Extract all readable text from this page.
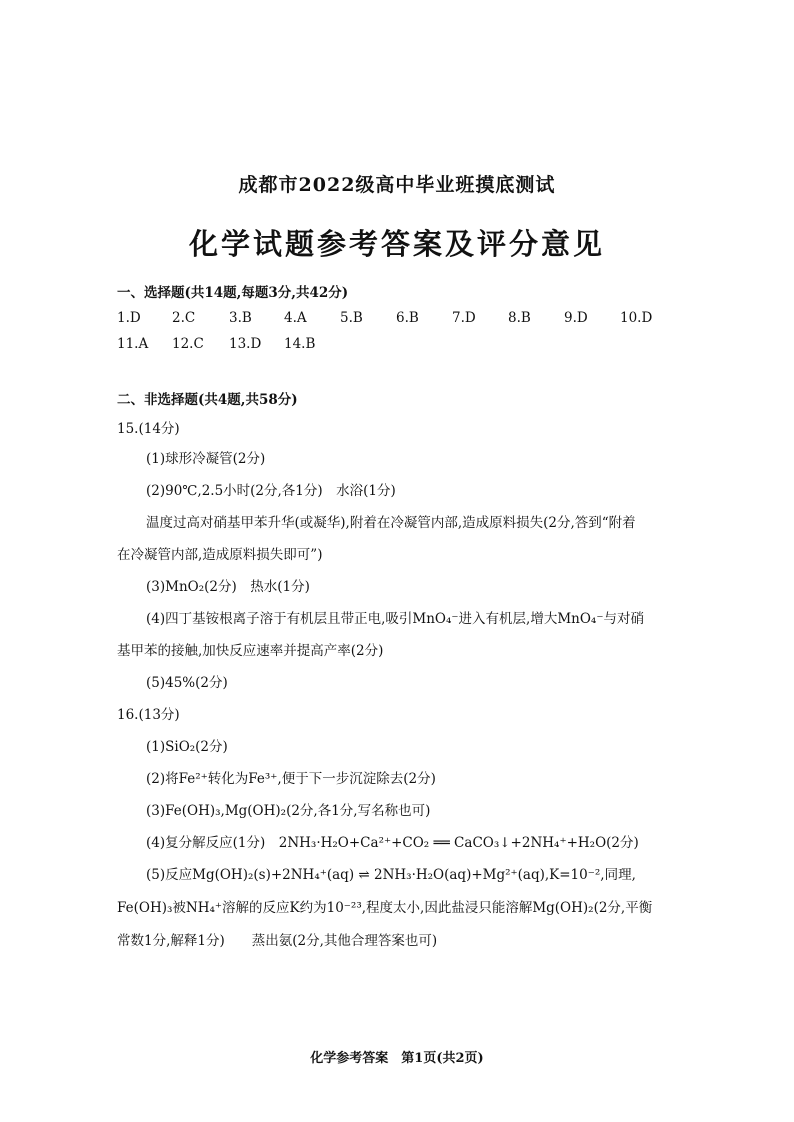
成都市2022级高中毕业班摸底测试
化学试题参考答案及评分意见
一、选择题(共14题,每题3分,共42分)
1.D 2.C	3.B 4.A 5.B 6.B 7.D 8.B 9.D 10.D
11.A 12.C 13.D 14.B
二、非选择题(共4题,共58分)
15.(14分)
(1)球形冷凝管(2分)
(2)90℃,2.5小时(2分,各1分)　水浴(1分)
温度过高对硝基甲苯升华(或凝华),附着在冷凝管内部,造成原料损失(2分,答到“附着
在冷凝管内部,造成原料损失即可”)
(3)MnO₂(2分)　热水(1分)
(4)四丁基铵根离子溶于有机层且带正电,吸引MnO₄⁻进入有机层,增大MnO₄⁻与对硝
基甲苯的接触,加快反应速率并提高产率(2分)
(5)45%(2分)
16.(13分)
(1)SiO₂(2分)
(2)将Fe²⁺转化为Fe³⁺,便于下一步沉淀除去(2分)
(3)Fe(OH)₃,Mg(OH)₂(2分,各1分,写名称也可)
(4)复分解反应(1分)　2NH₃·H₂O+Ca²⁺+CO₂ ══ CaCO₃↓+2NH₄⁺+H₂O(2分)
(5)反应Mg(OH)₂(s)+2NH₄⁺(aq) ⇌ 2NH₃·H₂O(aq)+Mg²⁺(aq),K=10⁻²,同理,
Fe(OH)₃被NH₄⁺溶解的反应K约为10⁻²³,程度太小,因此盐浸只能溶解Mg(OH)₂(2分,平衡
常数1分,解释1分)　　蒸出氨(2分,其他合理答案也可)
化学参考答案　第1页(共2页)
